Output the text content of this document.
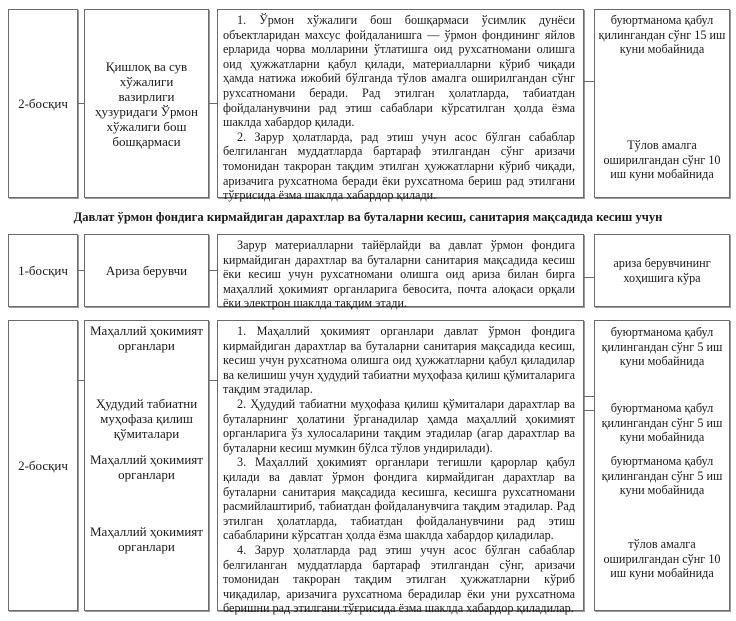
2-босқич
Қишлоқ ва сув хўжалиги вазирлиги ҳузуридаги Ўрмон хўжалиги бош бошқармаси

1. Ўрмон хўжалиги бош бошқармаси ўсимлик дунёси объектларидан махсус фойдаланишга — ўрмон фондининг яйлов ерларида чорва молларини ўтлатишга оид рухсатномани олишга оид ҳужжатларни қабул қилади, материалларни кўриб чиқади ҳамда натижа ижобий бўлганда тўлов амалга оширилгандан сўнг рухсатномани беради. Рад этилган ҳолатларда, табиатдан фойдаланувчини рад этиш сабаблари кўрсатилган ҳолда ёзма шаклда хабардор қилади.

2. Зарур ҳолатларда, рад этиш учун асос бўлган сабаблар белгиланган муддатларда бартараф этилгандан сўнг аризачи томонидан такроран тақдим этилган ҳужжатларни кўриб чиқади, аризачига рухсатнома беради ёки рухсатнома бериш рад этилгани тўғрисида ёзма шаклда хабардор қилади.

буюртманома қабул қилингандан сўнг 15 иш куни мобайнида
Тўлов амалга оширилгандан сўнг 10 иш куни мобайнида
Давлат ўрмон фондига кирмайдиган дарахтлар ва буталарни кесиш, санитария мақсадида кесиш учун
1-босқич	Ариза берувчи

Зарур материалларни тайёрлайди ва давлат ўрмон фондига кирмайдиган дарахтлар ва буталарни санитария мақсадида кесиш ёки кесиш учун рухсатномани олишга оид ариза билан бирга маҳаллий ҳокимият органларига бевосита, почта алоқаси орқали ёки электрон шаклда тақдим этади.

ариза берувчининг хоҳишига кўра
2-босқич
Маҳаллий ҳокимият органлари
Ҳудудий табиатни муҳофаза қилиш қўмиталари
Маҳаллий ҳокимият органлари
Маҳаллий ҳокимият органлари

1. Маҳаллий ҳокимият органлари давлат ўрмон фондига кирмайдиган дарахтлар ва буталарни санитария мақсадида кесиш, кесиш учун рухсатнома олишга оид ҳужжатларни қабул қиладилар ва келишиш учун ҳудудий табиатни муҳофаза қилиш қўмиталарига тақдим этадилар.

2. Ҳудудий табиатни муҳофаза қилиш қўмиталари дарахтлар ва буталарнинг ҳолатини ўрганадилар ҳамда маҳаллий ҳокимият органларига ўз хулосаларини тақдим этадилар (агар дарахтлар ва буталарни кесиш мумкин бўлса тўлов ундирилади).

3. Маҳаллий ҳокимият органлари тегишли қарорлар қабул қилади ва давлат ўрмон фондига кирмайдиган дарахтлар ва буталарни санитария мақсадида кесишга, кесишга рухсатномани расмийлаштириб, табиатдан фойдаланувчига тақдим этадилар. Рад этилган ҳолатларда, табиатдан фойдаланувчини рад этиш сабабларини кўрсатган ҳолда ёзма шаклда хабардор қиладилар.

4. Зарур ҳолатларда рад этиш учун асос бўлган сабаблар белгиланган муддатларда бартараф этилгандан сўнг, аризачи томонидан такроран тақдим этилган ҳужжатларни кўриб чиқадилар, аризачига рухсатнома берадилар ёки уни рухсатнома беришни рад этилгани тўғрисида ёзма шаклда хабардор қиладилар.

буюртманома қабул қилингандан сўнг 5 иш куни мобайнида
буюртманома қабул қилингандан сўнг 5 иш куни мобайнида
буюртманома қабул қилингандан сўнг 5 иш куни мобайнида
тўлов амалга оширилгандан сўнг 10 иш куни мобайнида
